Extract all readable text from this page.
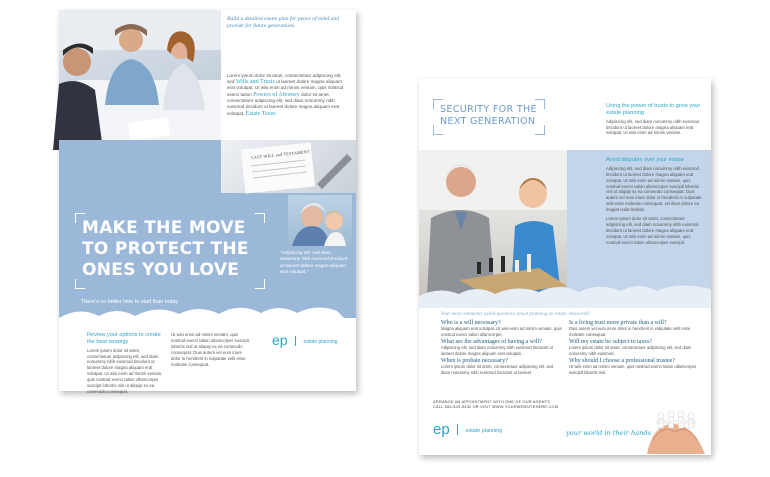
Build a detailed estate plan for peace of mind and provide for future generations.
Lorem ipsum dolor sit amet, consectetuer adipiscing elit, sed Wills and Trusts ut laoreet dolore magna aliquam erat volutpat. Ut wisi enim ad minim veniam, quis nostrud exerci tation Powers of Attorney dolor sit amet, consectetuer adipiscing elit, sed diam nonummy nibh euismod tincidunt ut laoreet dolore magna aliquam erat volutpat. Estate Taxes
LAST WILL and TESTAMENT
MAKE THE MOVE
TO PROTECT THE
ONES YOU LOVE
There's no better time to start than today
"Adipiscing elit, sed diam nonummy nibh euismod tincidunt ut laoreet dolore magna aliquam erat volutpat."
Review your options to create the best strategy
Lorem ipsum dolor sit amet, consectetuer adipiscing elit, sed diam nonummy nibh euismod tincidunt ut laoreet dolore magna aliquam erat volutpat. Ut wisi enim ad minim veniam, quis nostrud exerci tation ullamcorper suscipit lobortis nisl ut aliquip ex ea commodo consequat.
Ut wisi enim ad minim veniam, quis nostrud exerci tation ullamcorper suscipit lobortis nisl ut aliquip ex ea commodo consequat. Duis autem vel eum iriure dolor in hendrerit in vulputate velit esse molestie consequat.
ep	estate planning
SECURITY FOR THE
NEXT GENERATION
Using the power of trusts to grow your estate planning
Adipiscing elit, sed diam nonummy nibh euismod tincidunt ut laoreet dolore magna aliquam erat volutpat. Ut wisi enim ad minim veniam.
Avoid disputes over your estate
Adipiscing elit, sed diam nonummy nibh euismod tincidunt ut laoreet dolore magna aliquam erat volutpat. Ut wisi enim ad minim veniam, quis nostrud exerci tation ullamcorper suscipit lobortis nisl ut aliquip ex ea commodo consequat. Duis autem vel eum iriure dolor in hendrerit in vulputate velit esse molestie consequat, vel illum dolore eu feugiat nulla facilisis.
Lorem ipsum dolor sit amet, consectetuer adipiscing elit, sed diam nonummy nibh euismod tincidunt ut laoreet dolore magna aliquam erat volutpat. Ut wisi enim ad minim veniam, quis nostrud exerci tation ullamcorper suscipit.
Your most commonly asked questions about planning an estate. Answered!
Who is a will necessary?
Magna aliquam erat volutpat. Ut wisi enim ad minim veniam, quis nostrud exerci tation ullamcorper.
What are the advantages of having a will?
Adipiscing elit, sed diam nonummy nibh euismod tincidunt ut laoreet dolore magna aliquam erat volutpat.
When is probate necessary?
Lorem ipsum dolor sit amet, consectetuer adipiscing elit, sed diam nonummy nibh euismod tincidunt ut laoreet.
Is a living trust more private than a will?
Duis autem vel eum iriure dolor in hendrerit in vulputate velit esse molestie consequat.
Will my estate be subject to taxes?
Lorem ipsum dolor sit amet, consectetuer adipiscing elit, sed diam nonummy nibh euismod.
Why should I choose a professional trustee?
Ut wisi enim ad minim veniam, quis nostrud exerci tation ullamcorper suscipit lobortis nisl.
ARRANGE AN APPOINTMENT WITH ONE OF OUR AGENTS
CALL 555-543-5432 OR VISIT WWW.YOURWEBSITEHERE.COM
ep	estate planning	your world in their hands
